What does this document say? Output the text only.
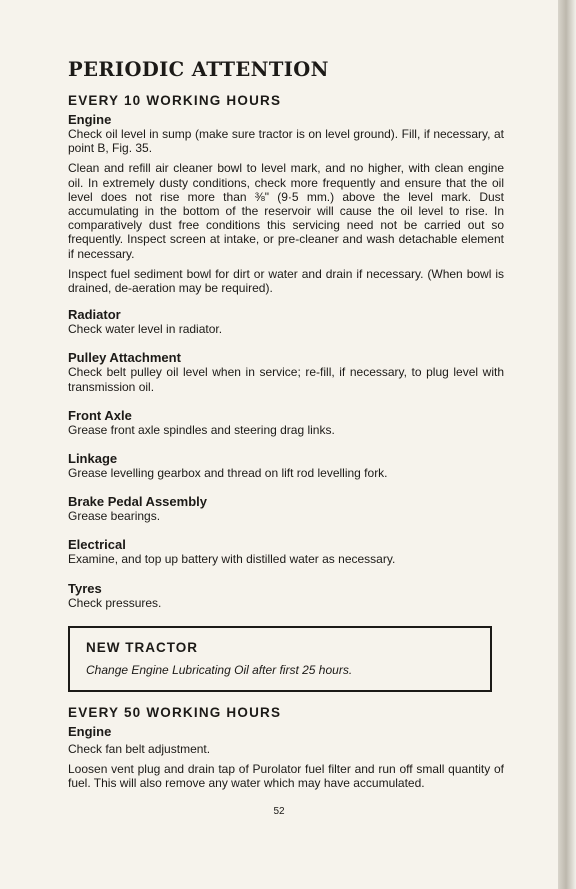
PERIODIC ATTENTION
EVERY 10 WORKING HOURS
Engine

Check oil level in sump (make sure tractor is on level ground). Fill, if necessary, at point B, Fig. 35.

Clean and refill air cleaner bowl to level mark, and no higher, with clean engine oil. In extremely dusty conditions, check more frequently and ensure that the oil level does not rise more than ⅜" (9·5 mm.) above the level mark. Dust accumulating in the bottom of the reservoir will cause the oil level to rise. In comparatively dust free conditions this servicing need not be carried out so frequently. Inspect screen at intake, or pre-cleaner and wash detachable element if necessary.

Inspect fuel sediment bowl for dirt or water and drain if necessary. (When bowl is drained, de-aeration may be required).

Radiator

Check water level in radiator.

Pulley Attachment

Check belt pulley oil level when in service; re-fill, if necessary, to plug level with transmission oil.

Front Axle

Grease front axle spindles and steering drag links.

Linkage

Grease levelling gearbox and thread on lift rod levelling fork.

Brake Pedal Assembly

Grease bearings.

Electrical

Examine, and top up battery with distilled water as necessary.

Tyres

Check pressures.

NEW TRACTOR
Change Engine Lubricating Oil after first 25 hours.
EVERY 50 WORKING HOURS
Engine

Check fan belt adjustment.

Loosen vent plug and drain tap of Purolator fuel filter and run off small quantity of fuel. This will also remove any water which may have accumulated.

52
